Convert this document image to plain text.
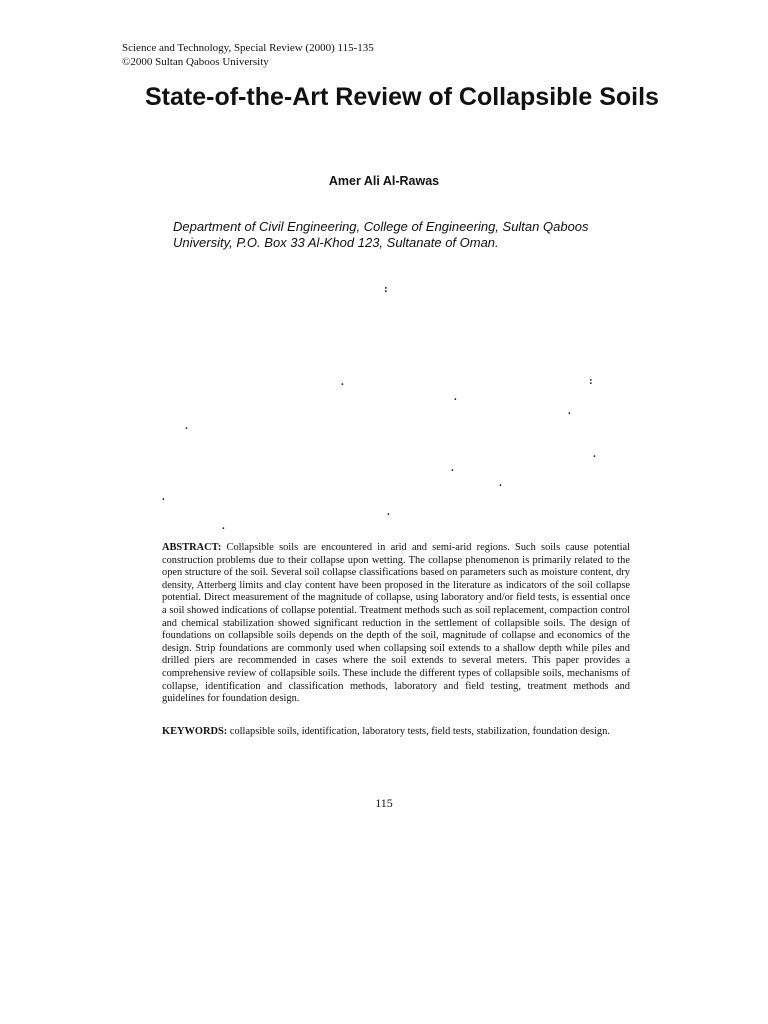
Science and Technology, Special Review (2000) 115-135
©2000 Sultan Qaboos University
State-of-the-Art Review of Collapsible Soils
Amer Ali Al-Rawas
Department of Civil Engineering, College of Engineering, Sultan Qaboos University, P.O. Box 33 Al-Khod 123, Sultanate of Oman.
:
:
.
.
.
.
.
.
.
.
.
.
ABSTRACT: Collapsible soils are encountered in arid and semi-arid regions. Such soils cause potential construction problems due to their collapse upon wetting. The collapse phenomenon is primarily related to the open structure of the soil. Several soil collapse classifications based on parameters such as moisture content, dry density, Atterberg limits and clay content have been proposed in the literature as indicators of the soil collapse potential. Direct measurement of the magnitude of collapse, using laboratory and/or field tests, is essential once a soil showed indications of collapse potential. Treatment methods such as soil replacement, compaction control and chemical stabilization showed significant reduction in the settlement of collapsible soils. The design of foundations on collapsible soils depends on the depth of the soil, magnitude of collapse and economics of the design. Strip foundations are commonly used when collapsing soil extends to a shallow depth while piles and drilled piers are recommended in cases where the soil extends to several meters. This paper provides a comprehensive review of collapsible soils. These include the different types of collapsible soils, mechanisms of collapse, identification and classification methods, laboratory and field testing, treatment methods and guidelines for foundation design.
KEYWORDS: collapsible soils, identification, laboratory tests, field tests, stabilization, foundation design.
115
